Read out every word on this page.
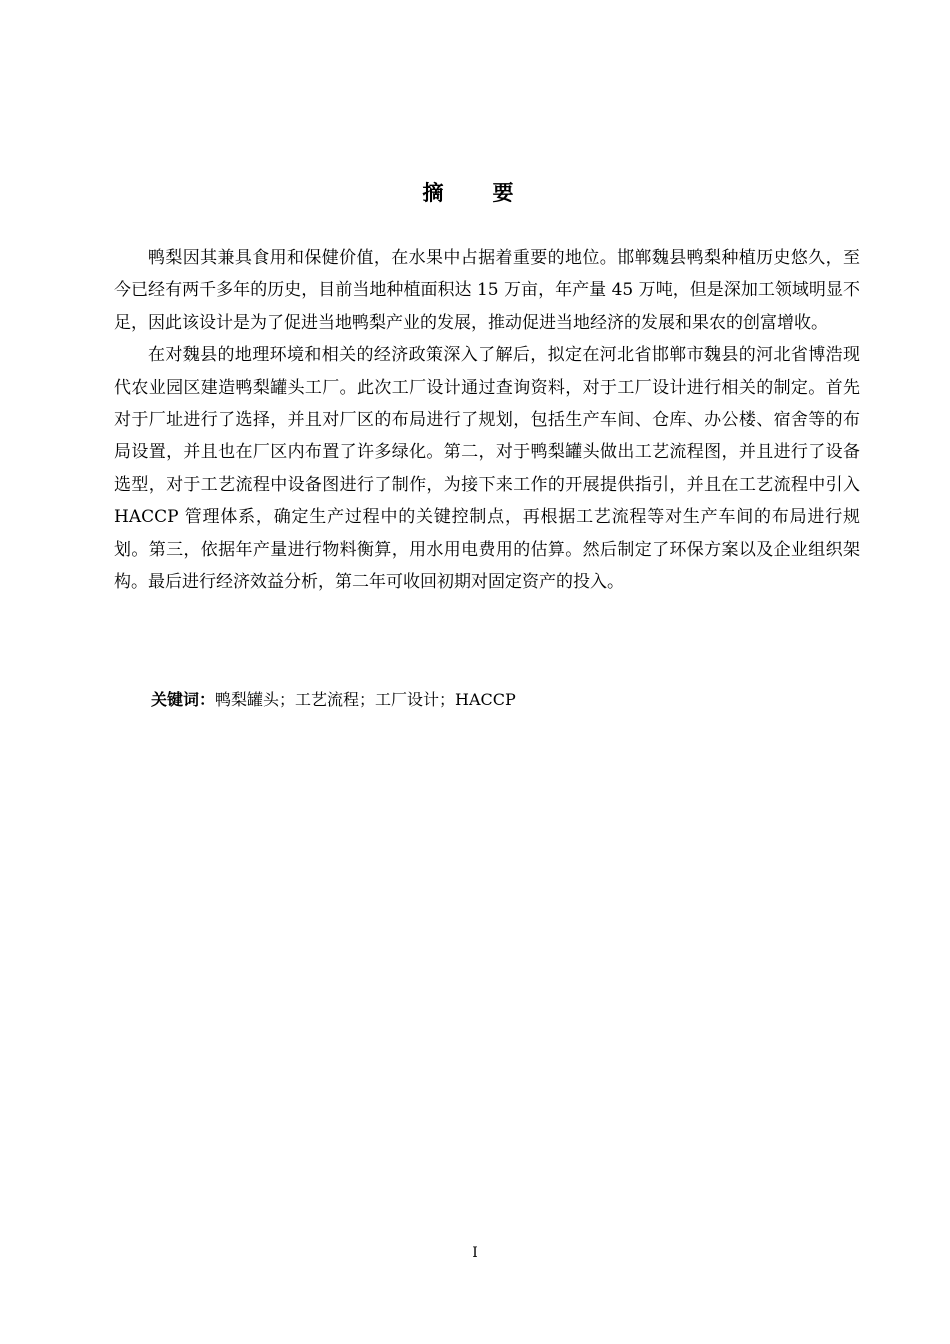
摘　要

鸭梨因其兼具食用和保健价值，在水果中占据着重要的地位。邯郸魏县鸭梨种植历史悠久，至今已经有两千多年的历史，目前当地种植面积达 15 万亩，年产量 45 万吨，但是深加工领域明显不足，因此该设计是为了促进当地鸭梨产业的发展，推动促进当地经济的发展和果农的创富增收。

在对魏县的地理环境和相关的经济政策深入了解后，拟定在河北省邯郸市魏县的河北省博浩现代农业园区建造鸭梨罐头工厂。此次工厂设计通过查询资料，对于工厂设计进行相关的制定。首先对于厂址进行了选择，并且对厂区的布局进行了规划，包括生产车间、仓库、办公楼、宿舍等的布局设置，并且也在厂区内布置了许多绿化。第二，对于鸭梨罐头做出工艺流程图，并且进行了设备选型，对于工艺流程中设备图进行了制作，为接下来工作的开展提供指引，并且在工艺流程中引入 HACCP 管理体系，确定生产过程中的关键控制点，再根据工艺流程等对生产车间的布局进行规划。第三，依据年产量进行物料衡算，用水用电费用的估算。然后制定了环保方案以及企业组织架构。最后进行经济效益分析，第二年可收回初期对固定资产的投入。

关键词：鸭梨罐头；工艺流程；工厂设计；HACCP
I
